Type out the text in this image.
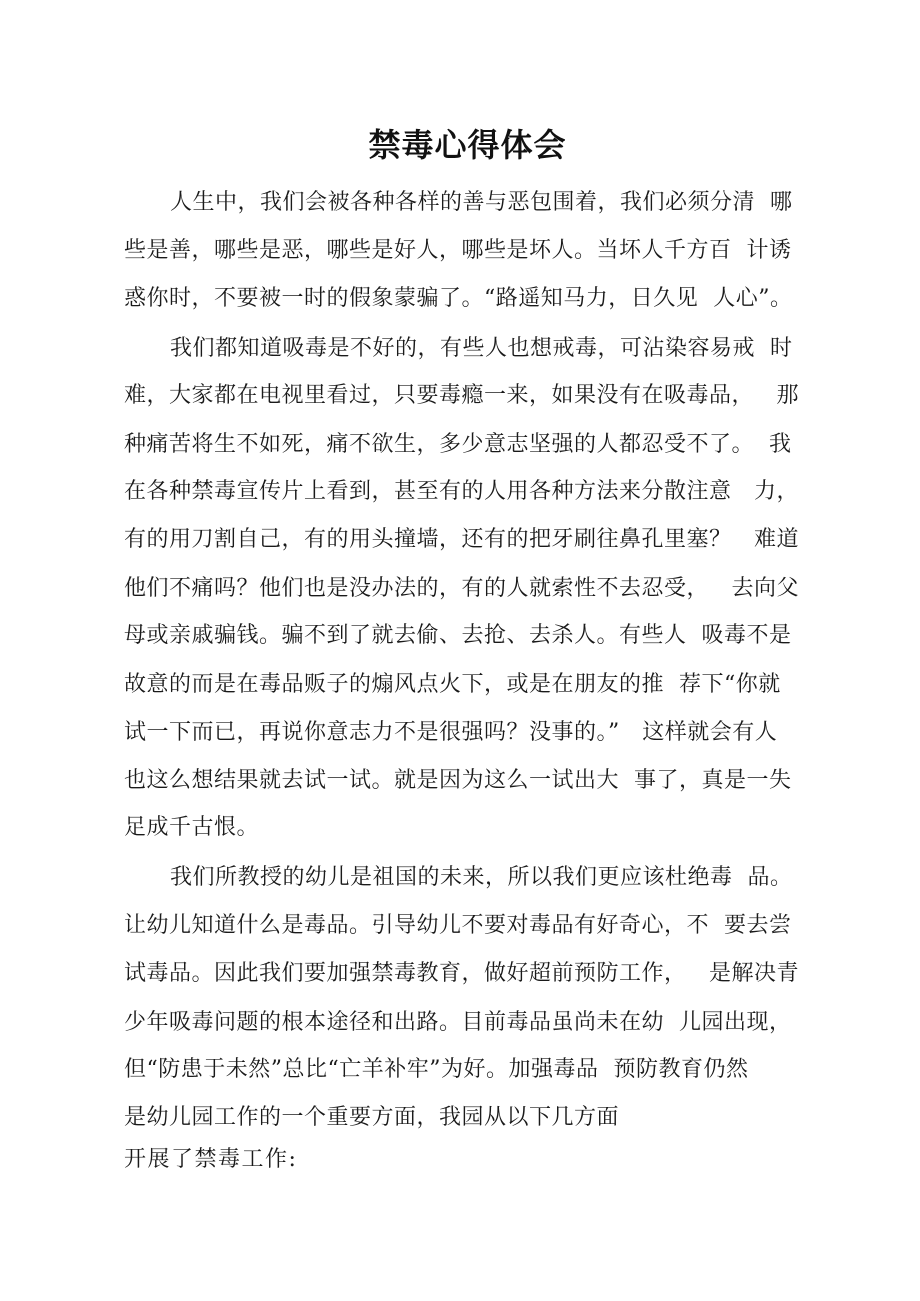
禁毒心得体会

人生中，我们会被各种各样的善与恶包围着，我们必须分清  哪

些是善，哪些是恶，哪些是好人，哪些是坏人。当坏人千方百  计诱

惑你时，不要被一时的假象蒙骗了。“路遥知马力，日久见  人心”。

我们都知道吸毒是不好的，有些人也想戒毒，可沾染容易戒  时

难，大家都在电视里看过，只要毒瘾一来，如果没有在吸毒品，   那

种痛苦将生不如死，痛不欲生，多少意志坚强的人都忍受不了。  我

在各种禁毒宣传片上看到，甚至有的人用各种方法来分散注意   力，

有的用刀割自己，有的用头撞墙，还有的把牙刷往鼻孔里塞？   难道

他们不痛吗？他们也是没办法的，有的人就索性不去忍受，   去向父

母或亲戚骗钱。骗不到了就去偷、去抢、去杀人。有些人  吸毒不是

故意的而是在毒品贩子的煽风点火下，或是在朋友的推  荐下“你就

试一下而已，再说你意志力不是很强吗？没事的。”   这样就会有人

也这么想结果就去试一试。就是因为这么一试出大  事了，真是一失

足成千古恨。

我们所教授的幼儿是祖国的未来，所以我们更应该杜绝毒  品。

让幼儿知道什么是毒品。引导幼儿不要对毒品有好奇心，不  要去尝

试毒品。因此我们要加强禁毒教育，做好超前预防工作，   是解决青

少年吸毒问题的根本途径和出路。目前毒品虽尚未在幼  儿园出现，

但“防患于未然”总比“亡羊补牢”为好。加强毒品  预防教育仍然

是幼儿园工作的一个重要方面，我园从以下几方面

开展了禁毒工作:
